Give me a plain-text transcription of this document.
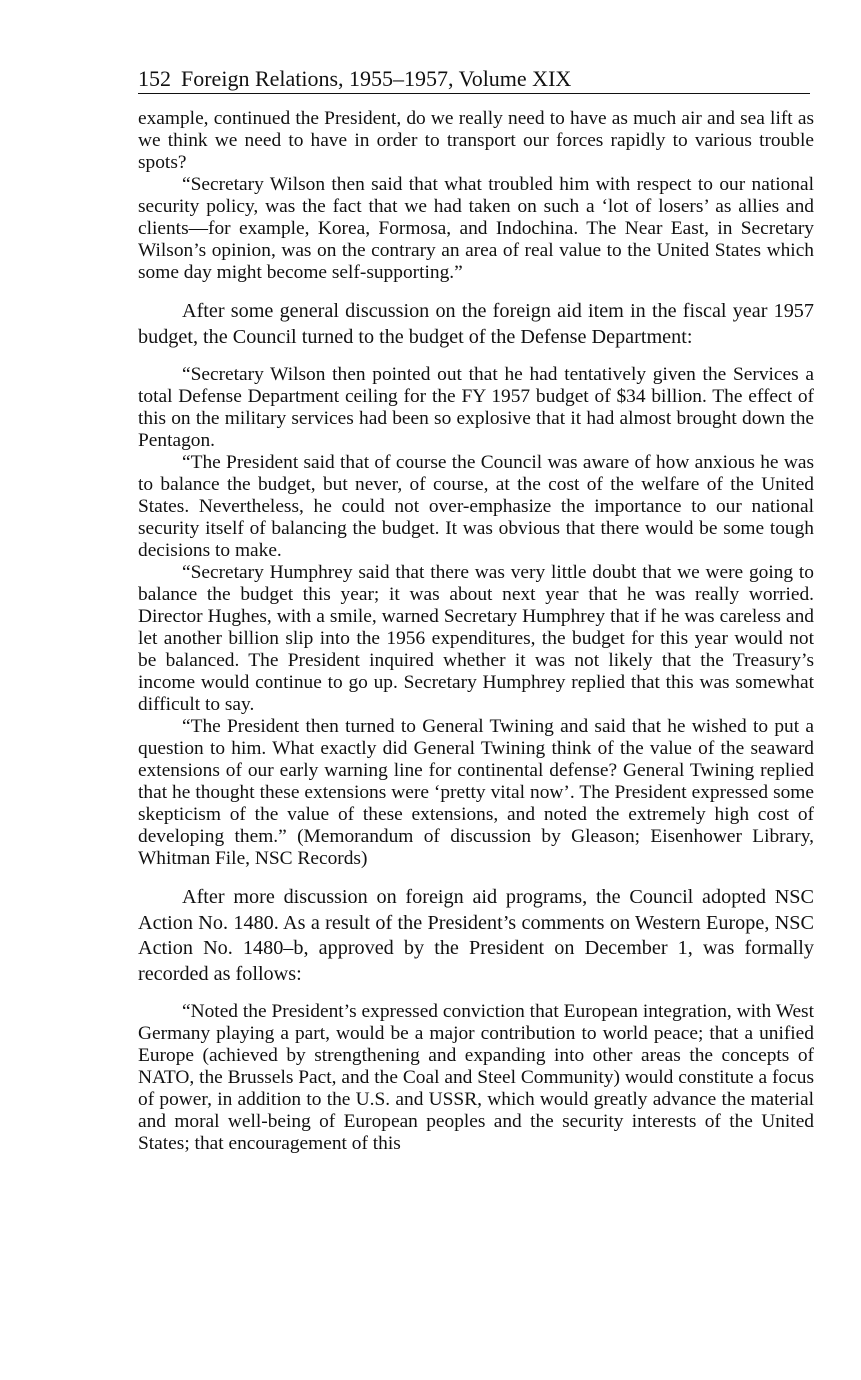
152 Foreign Relations, 1955–1957, Volume XIX

example, continued the President, do we really need to have as much air and sea lift as we think we need to have in order to transport our forces rapidly to various trouble spots?

“Secretary Wilson then said that what troubled him with respect to our national security policy, was the fact that we had taken on such a ‘lot of losers’ as allies and clients—for example, Korea, Formosa, and Indochina. The Near East, in Secretary Wilson’s opinion, was on the contrary an area of real value to the United States which some day might become self-supporting.”

After some general discussion on the foreign aid item in the fiscal year 1957 budget, the Council turned to the budget of the Defense Department:

“Secretary Wilson then pointed out that he had tentatively given the Services a total Defense Department ceiling for the FY 1957 budget of $34 billion. The effect of this on the military services had been so explosive that it had almost brought down the Pentagon.

“The President said that of course the Council was aware of how anxious he was to balance the budget, but never, of course, at the cost of the welfare of the United States. Nevertheless, he could not over-emphasize the importance to our national security itself of balancing the budget. It was obvious that there would be some tough decisions to make.

“Secretary Humphrey said that there was very little doubt that we were going to balance the budget this year; it was about next year that he was really worried. Director Hughes, with a smile, warned Secretary Humphrey that if he was careless and let another billion slip into the 1956 expenditures, the budget for this year would not be balanced. The President inquired whether it was not likely that the Treasury’s income would continue to go up. Secretary Humphrey replied that this was somewhat difficult to say.

“The President then turned to General Twining and said that he wished to put a question to him. What exactly did General Twining think of the value of the seaward extensions of our early warning line for continental defense? General Twining replied that he thought these extensions were ‘pretty vital now’. The President expressed some skepticism of the value of these extensions, and noted the extremely high cost of developing them.” (Memorandum of discussion by Gleason; Eisenhower Library, Whitman File, NSC Records)

After more discussion on foreign aid programs, the Council adopted NSC Action No. 1480. As a result of the President’s comments on Western Europe, NSC Action No. 1480–b, approved by the President on December 1, was formally recorded as follows:

“Noted the President’s expressed conviction that European integration, with West Germany playing a part, would be a major contribution to world peace; that a unified Europe (achieved by strengthening and expanding into other areas the concepts of NATO, the Brussels Pact, and the Coal and Steel Community) would constitute a focus of power, in addition to the U.S. and USSR, which would greatly advance the material and moral well-being of European peoples and the security interests of the United States; that encouragement of this
